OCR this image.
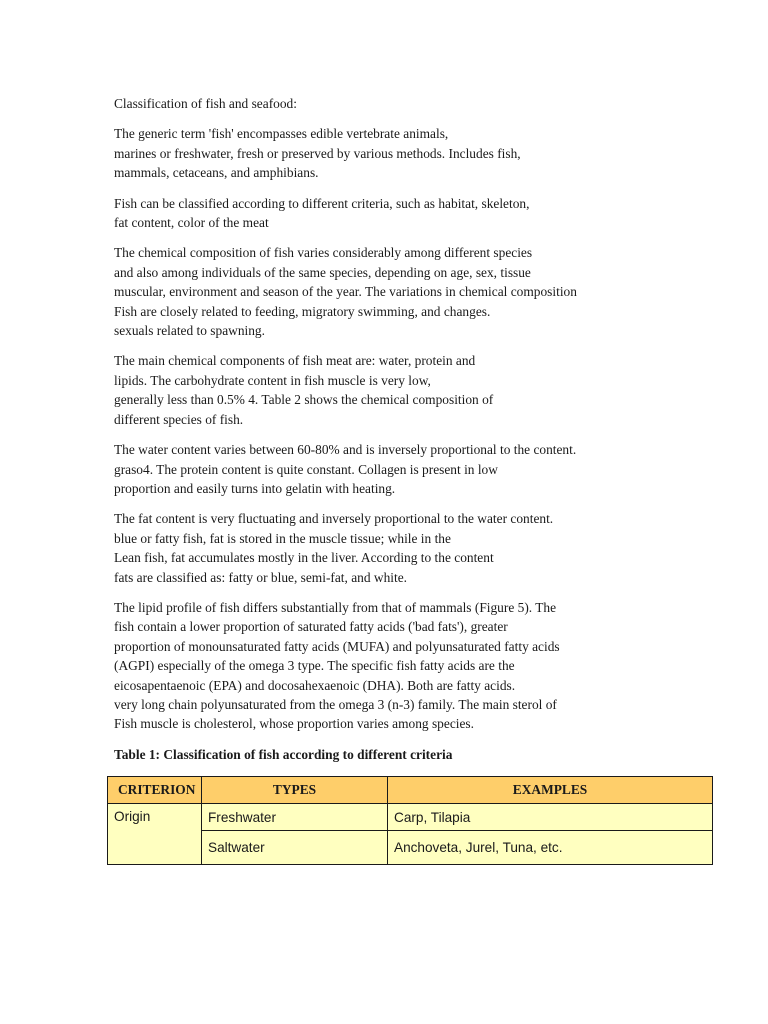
Classification of fish and seafood:
The generic term 'fish' encompasses edible vertebrate animals,
marines or freshwater, fresh or preserved by various methods. Includes fish,
mammals, cetaceans, and amphibians.
Fish can be classified according to different criteria, such as habitat, skeleton,
fat content, color of the meat
The chemical composition of fish varies considerably among different species
and also among individuals of the same species, depending on age, sex, tissue
muscular, environment and season of the year. The variations in chemical composition
Fish are closely related to feeding, migratory swimming, and changes.
sexuals related to spawning.
The main chemical components of fish meat are: water, protein and
lipids. The carbohydrate content in fish muscle is very low,
generally less than 0.5% 4. Table 2 shows the chemical composition of
different species of fish.
The water content varies between 60-80% and is inversely proportional to the content.
graso4. The protein content is quite constant. Collagen is present in low
proportion and easily turns into gelatin with heating.
The fat content is very fluctuating and inversely proportional to the water content.
blue or fatty fish, fat is stored in the muscle tissue; while in the
Lean fish, fat accumulates mostly in the liver. According to the content
fats are classified as: fatty or blue, semi-fat, and white.
The lipid profile of fish differs substantially from that of mammals (Figure 5). The
fish contain a lower proportion of saturated fatty acids ('bad fats'), greater
proportion of monounsaturated fatty acids (MUFA) and polyunsaturated fatty acids
(AGPI) especially of the omega 3 type. The specific fish fatty acids are the
eicosapentaenoic (EPA) and docosahexaenoic (DHA). Both are fatty acids.
very long chain polyunsaturated from the omega 3 (n-3) family. The main sterol of
Fish muscle is cholesterol, whose proportion varies among species.
Table 1: Classification of fish according to different criteria
CRITERION	TYPES	EXAMPLES
Origin	Freshwater	Carp, Tilapia
	Saltwater	Anchoveta, Jurel, Tuna, etc.
